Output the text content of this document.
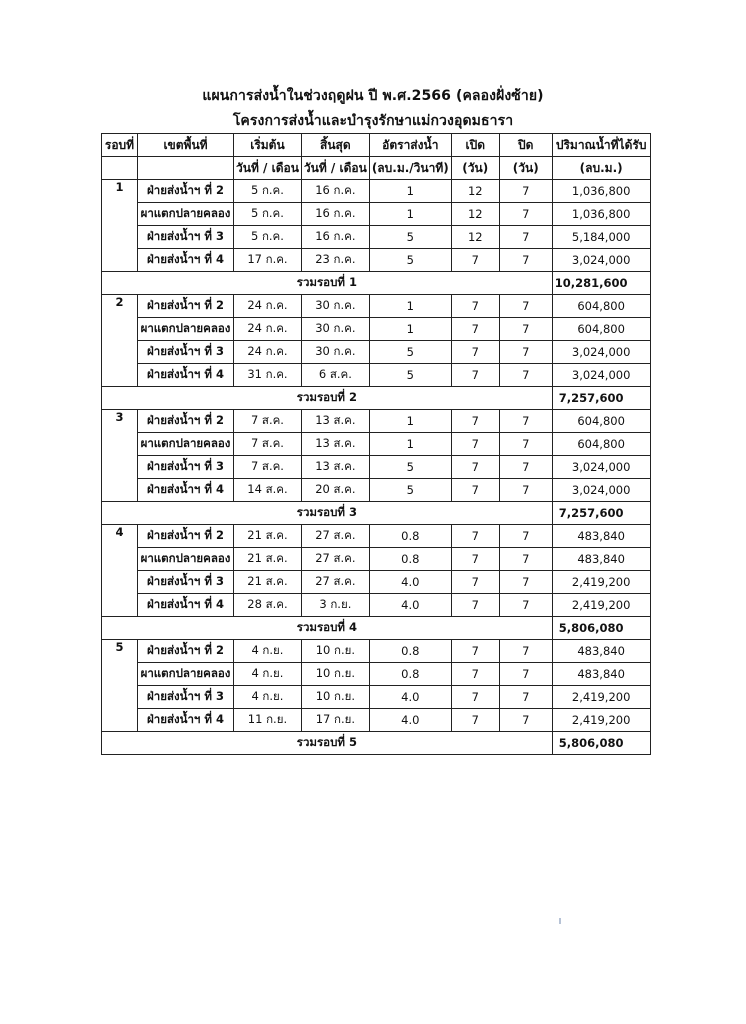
แผนการส่งน้ำในช่วงฤดูฝน ปี พ.ศ.2566 (คลองฝั่งซ้าย)
โครงการส่งน้ำและบำรุงรักษาแม่กวงอุดมธารา
รอบที่	เขตพื้นที่	เริ่มต้น	สิ้นสุด	อัตราส่งน้ำ	เปิด	ปิด	ปริมาณน้ำที่ได้รับ
		วันที่ / เดือน	วันที่ / เดือน	(ลบ.ม./วินาที)	(วัน)	(วัน)	(ลบ.ม.)
1	ฝ่ายส่งน้ำฯ ที่ 2	5 ก.ค.	16 ก.ค.	1	12	7	1,036,800
	ผาแตกปลายคลอง	5 ก.ค.	16 ก.ค.	1	12	7	1,036,800
	ฝ่ายส่งน้ำฯ ที่ 3	5 ก.ค.	16 ก.ค.	5	12	7	5,184,000
	ฝ่ายส่งน้ำฯ ที่ 4	17 ก.ค.	23 ก.ค.	5	7	7	3,024,000
รวมรอบที่ 1							10,281,600
2	ฝ่ายส่งน้ำฯ ที่ 2	24 ก.ค.	30 ก.ค.	1	7	7	604,800
	ผาแตกปลายคลอง	24 ก.ค.	30 ก.ค.	1	7	7	604,800
	ฝ่ายส่งน้ำฯ ที่ 3	24 ก.ค.	30 ก.ค.	5	7	7	3,024,000
	ฝ่ายส่งน้ำฯ ที่ 4	31 ก.ค.	6 ส.ค.	5	7	7	3,024,000
รวมรอบที่ 2							7,257,600
3	ฝ่ายส่งน้ำฯ ที่ 2	7 ส.ค.	13 ส.ค.	1	7	7	604,800
	ผาแตกปลายคลอง	7 ส.ค.	13 ส.ค.	1	7	7	604,800
	ฝ่ายส่งน้ำฯ ที่ 3	7 ส.ค.	13 ส.ค.	5	7	7	3,024,000
	ฝ่ายส่งน้ำฯ ที่ 4	14 ส.ค.	20 ส.ค.	5	7	7	3,024,000
รวมรอบที่ 3							7,257,600
4	ฝ่ายส่งน้ำฯ ที่ 2	21 ส.ค.	27 ส.ค.	0.8	7	7	483,840
	ผาแตกปลายคลอง	21 ส.ค.	27 ส.ค.	0.8	7	7	483,840
	ฝ่ายส่งน้ำฯ ที่ 3	21 ส.ค.	27 ส.ค.	4.0	7	7	2,419,200
	ฝ่ายส่งน้ำฯ ที่ 4	28 ส.ค.	3 ก.ย.	4.0	7	7	2,419,200
รวมรอบที่ 4							5,806,080
5	ฝ่ายส่งน้ำฯ ที่ 2	4 ก.ย.	10 ก.ย.	0.8	7	7	483,840
	ผาแตกปลายคลอง	4 ก.ย.	10 ก.ย.	0.8	7	7	483,840
	ฝ่ายส่งน้ำฯ ที่ 3	4 ก.ย.	10 ก.ย.	4.0	7	7	2,419,200
	ฝ่ายส่งน้ำฯ ที่ 4	11 ก.ย.	17 ก.ย.	4.0	7	7	2,419,200
รวมรอบที่ 5							5,806,080
